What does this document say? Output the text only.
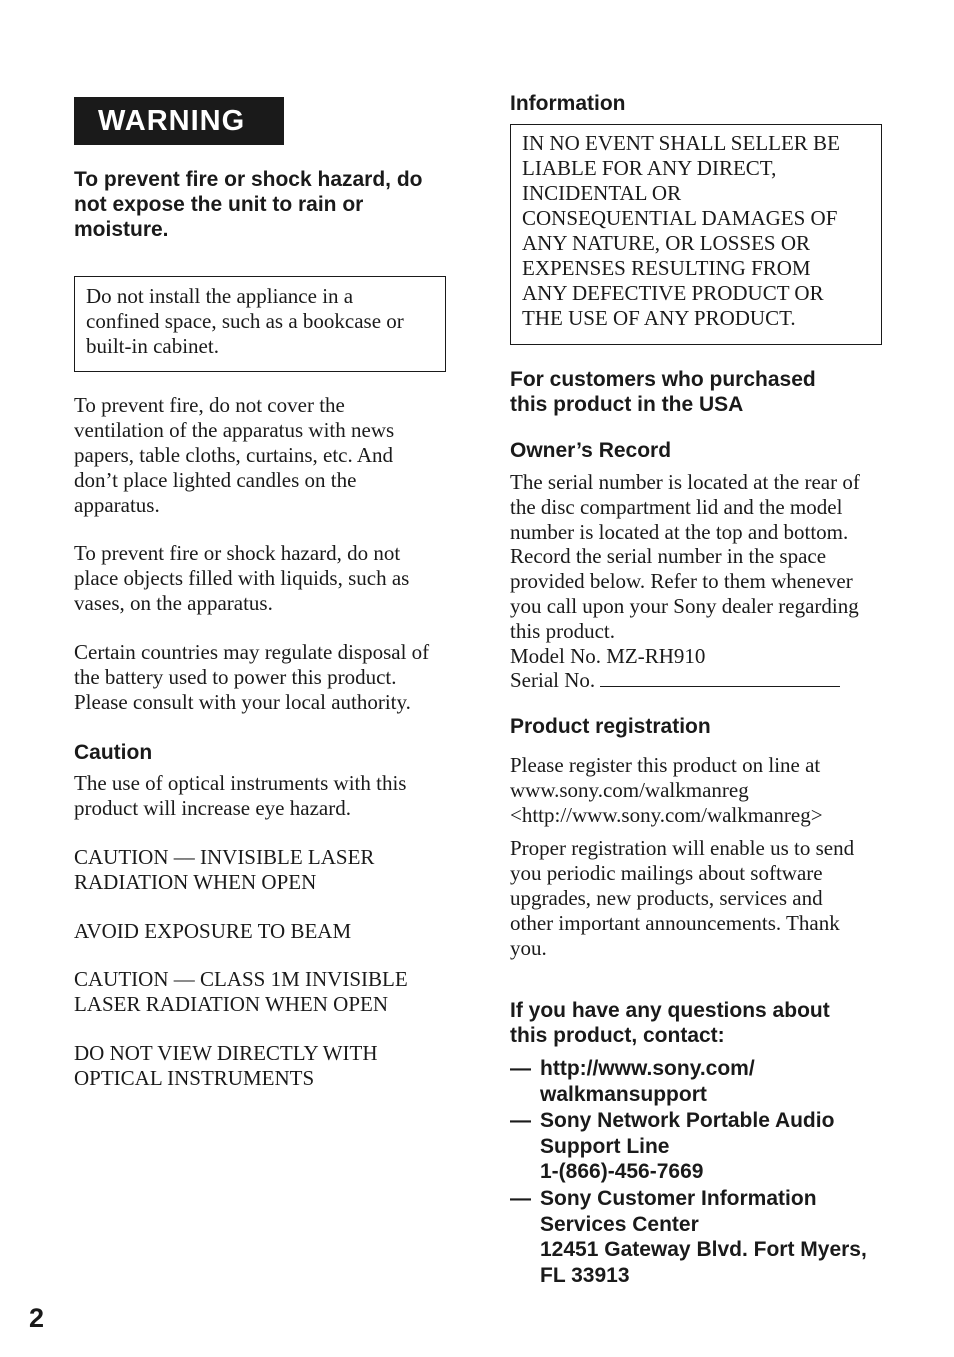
WARNING
To prevent fire or shock hazard, do
not expose the unit to rain or
moisture.
Do not install the appliance in a
confined space, such as a bookcase or
built-in cabinet.
To prevent fire, do not cover the
ventilation of the apparatus with news
papers, table cloths, curtains, etc. And
don’t place lighted candles on the
apparatus.
To prevent fire or shock hazard, do not
place objects filled with liquids, such as
vases, on the apparatus.
Certain countries may regulate disposal of
the battery used to power this product.
Please consult with your local authority.
Caution
The use of optical instruments with this
product will increase eye hazard.
CAUTION –– INVISIBLE LASER
RADIATION WHEN OPEN
AVOID EXPOSURE TO BEAM
CAUTION — CLASS 1M INVISIBLE
LASER RADIATION WHEN OPEN
DO NOT VIEW DIRECTLY WITH
OPTICAL INSTRUMENTS
Information
IN NO EVENT SHALL SELLER BE
LIABLE FOR ANY DIRECT,
INCIDENTAL OR
CONSEQUENTIAL DAMAGES OF
ANY NATURE, OR LOSSES OR
EXPENSES RESULTING FROM
ANY DEFECTIVE PRODUCT OR
THE USE OF ANY PRODUCT.
For customers who purchased
this product in the USA
Owner’s Record
The serial number is located at the rear of
the disc compartment lid and the model
number is located at the top and bottom.
Record the serial number in the space
provided below. Refer to them whenever
you call upon your Sony dealer regarding
this product.
Model No. MZ-RH910
Serial No.
Product registration
Please register this product on line at
www.sony.com/walkmanreg
<http://www.sony.com/walkmanreg>
Proper registration will enable us to send
you periodic mailings about software
upgrades, new products, services and
other important announcements. Thank
you.
If you have any questions about
this product, contact:
— http://www.sony.com/
walkmansupport
— Sony Network Portable Audio
Support Line
1-(866)-456-7669
— Sony Customer Information
Services Center
12451 Gateway Blvd. Fort Myers,
FL 33913
2
